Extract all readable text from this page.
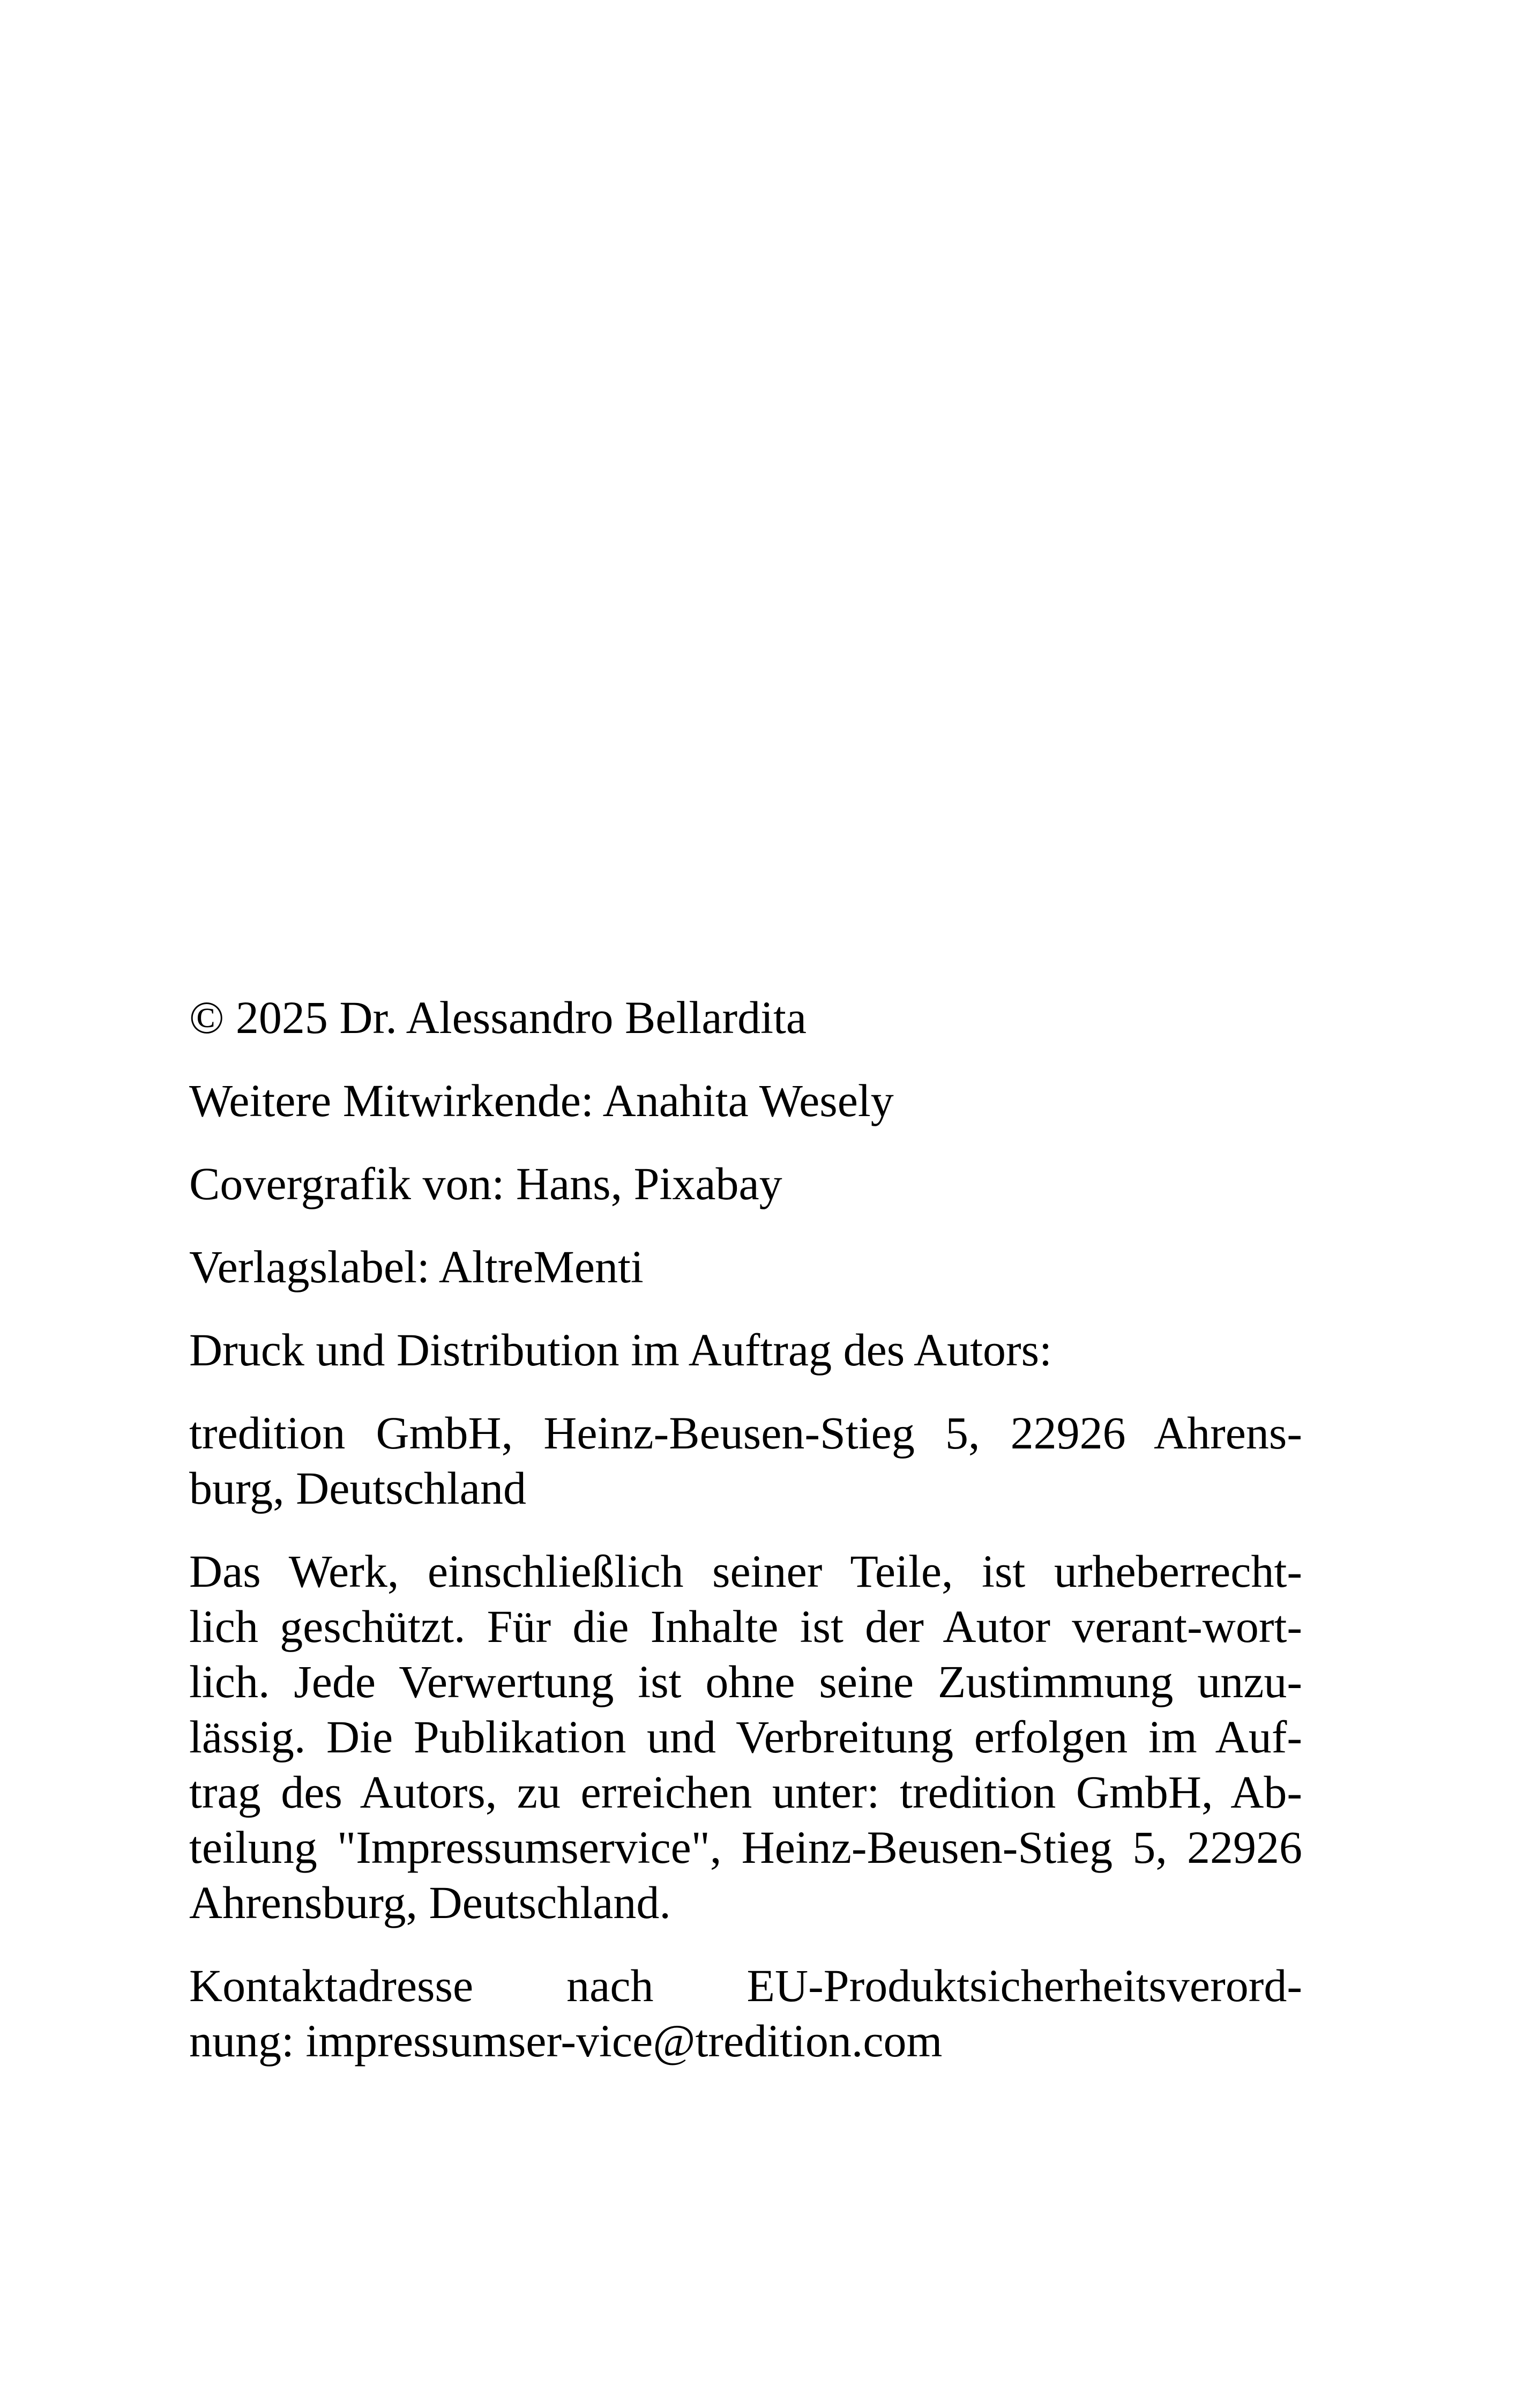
© 2025 Dr. Alessandro Bellardita
Weitere Mitwirkende: Anahita Wesely
Covergrafik von: Hans, Pixabay
Verlagslabel: AltreMenti
Druck und Distribution im Auftrag des Autors:
tredition GmbH, Heinz-Beusen-Stieg 5, 22926 Ahrens-
burg, Deutschland
Das Werk, einschließlich seiner Teile, ist urheberrecht-
lich geschützt. Für die Inhalte ist der Autor verant-wort-
lich. Jede Verwertung ist ohne seine Zustimmung unzu-
lässig. Die Publikation und Verbreitung erfolgen im Auf-
trag des Autors, zu erreichen unter: tredition GmbH, Ab-
teilung "Impressumservice", Heinz-Beusen-Stieg 5, 22926
Ahrensburg, Deutschland.
Kontaktadresse nach EU-Produktsicherheitsverord-
nung: impressumser-vice@tredition.com
